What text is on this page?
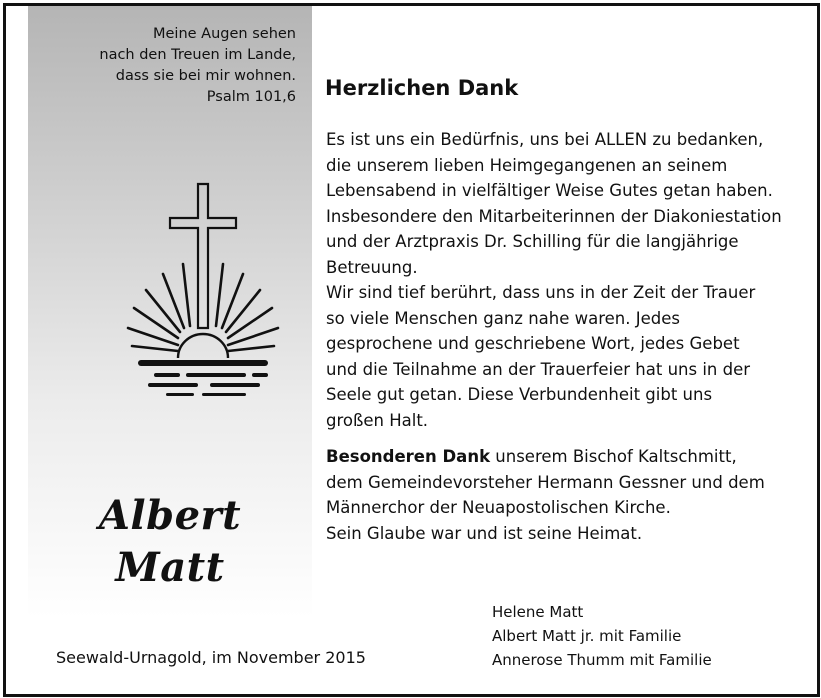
Meine Augen sehen
nach den Treuen im Lande,
dass sie bei mir wohnen.
Psalm 101,6
Albert
Matt
Herzlichen Dank
Es ist uns ein Bedürfnis, uns bei ALLEN zu bedanken,
die unserem lieben Heimgegangenen an seinem
Lebensabend in vielfältiger Weise Gutes getan haben.
Insbesondere den Mitarbeiterinnen der Diakoniestation
und der Arztpraxis Dr. Schilling für die langjährige
Betreuung.
Wir sind tief berührt, dass uns in der Zeit der Trauer
so viele Menschen ganz nahe waren. Jedes
gesprochene und geschriebene Wort, jedes Gebet
und die Teilnahme an der Trauerfeier hat uns in der
Seele gut getan. Diese Verbundenheit gibt uns
großen Halt.
Besonderen Dank unserem Bischof Kaltschmitt,
dem Gemeindevorsteher Hermann Gessner und dem
Männerchor der Neuapostolischen Kirche.
Sein Glaube war und ist seine Heimat.
Seewald-Urnagold, im November 2015
Helene Matt
Albert Matt jr. mit Familie
Annerose Thumm mit Familie
